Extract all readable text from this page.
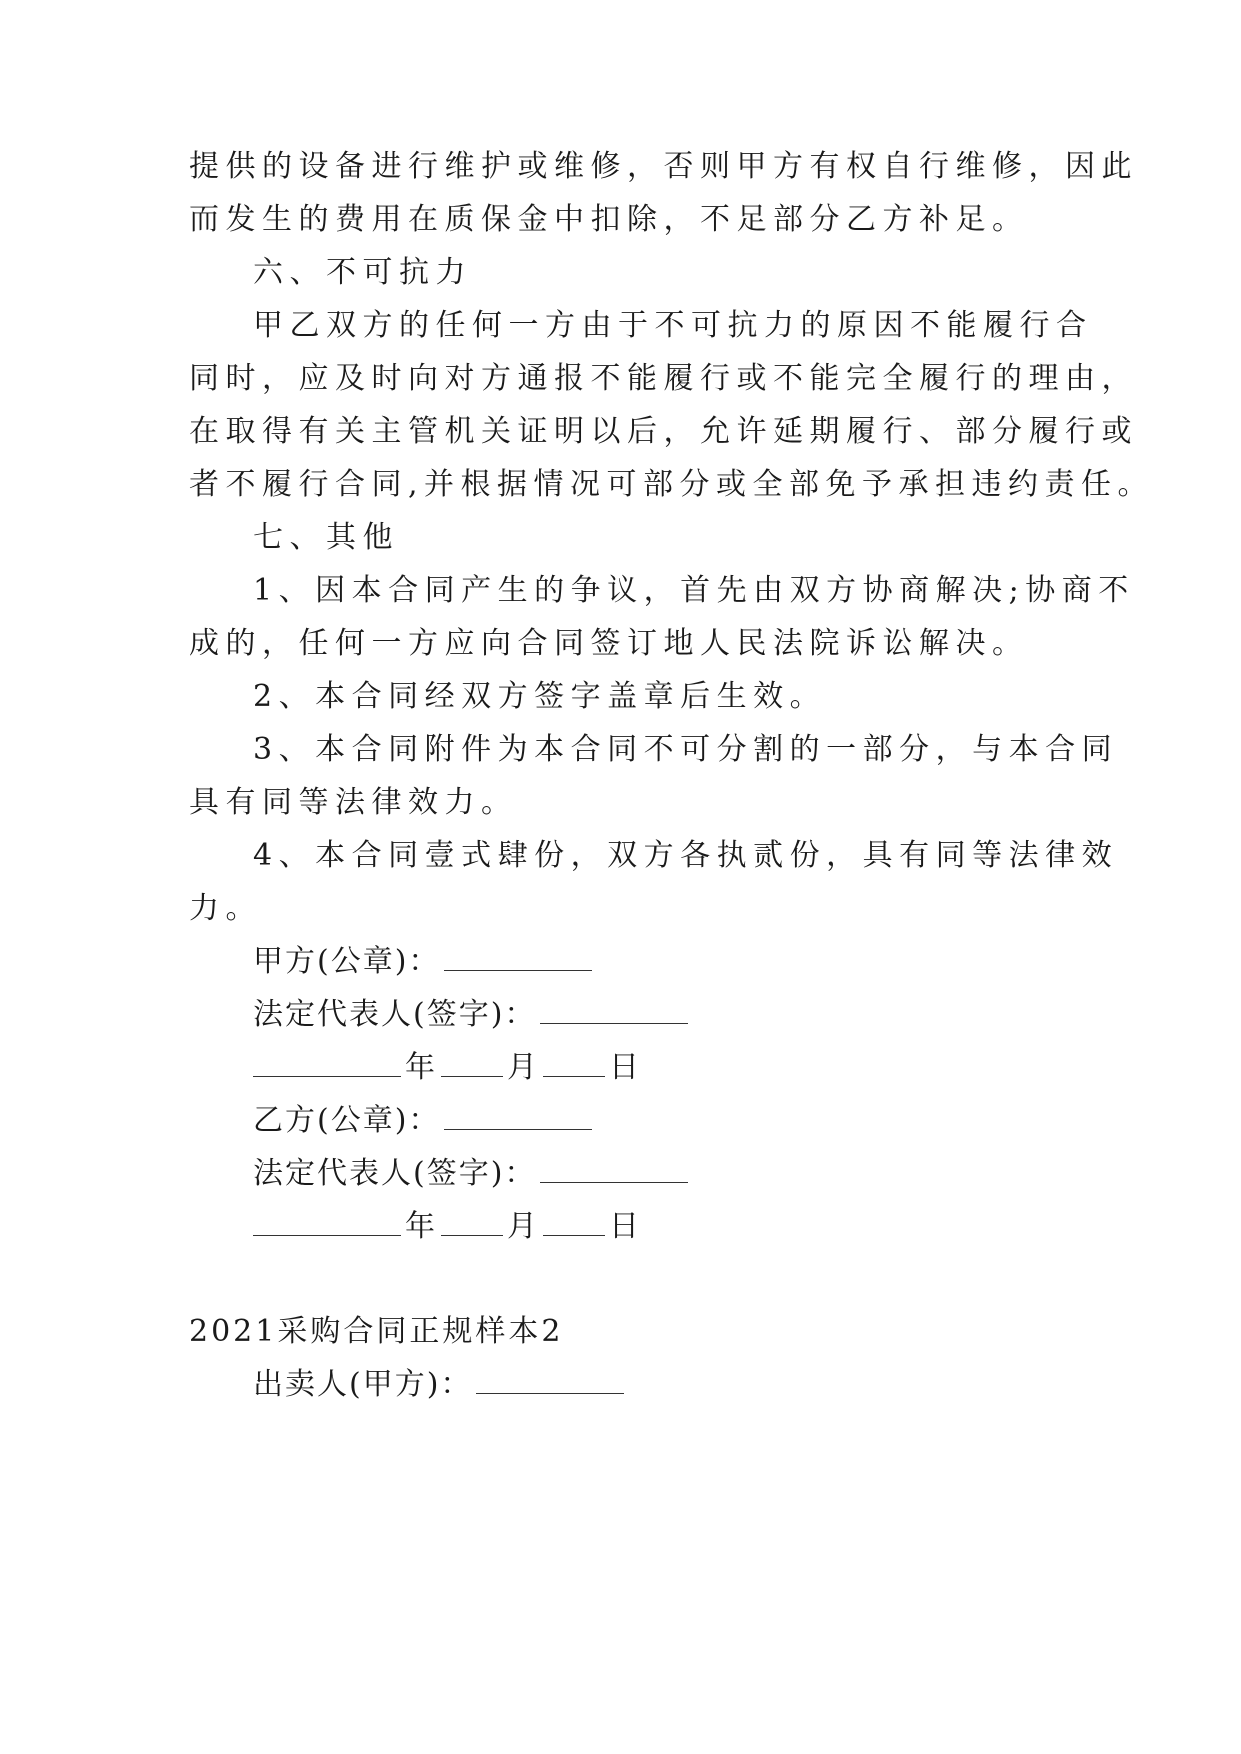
提供的设备进行维护或维修，否则甲方有权自行维修，因此
而发生的费用在质保金中扣除，不足部分乙方补足。
六、不可抗力
甲乙双方的任何一方由于不可抗力的原因不能履行合
同时，应及时向对方通报不能履行或不能完全履行的理由，
在取得有关主管机关证明以后，允许延期履行、部分履行或
者不履行合同,并根据情况可部分或全部免予承担违约责任。
七、其他
1、因本合同产生的争议，首先由双方协商解决;协商不
成的，任何一方应向合同签订地人民法院诉讼解决。
2、本合同经双方签字盖章后生效。
3、本合同附件为本合同不可分割的一部分，与本合同
具有同等法律效力。
4、本合同壹式肆份，双方各执贰份，具有同等法律效
力。
甲方(公章)：
法定代表人(签字)：
年 月 日
乙方(公章)：
法定代表人(签字)：
年 月 日
2021采购合同正规样本2
出卖人(甲方)：
